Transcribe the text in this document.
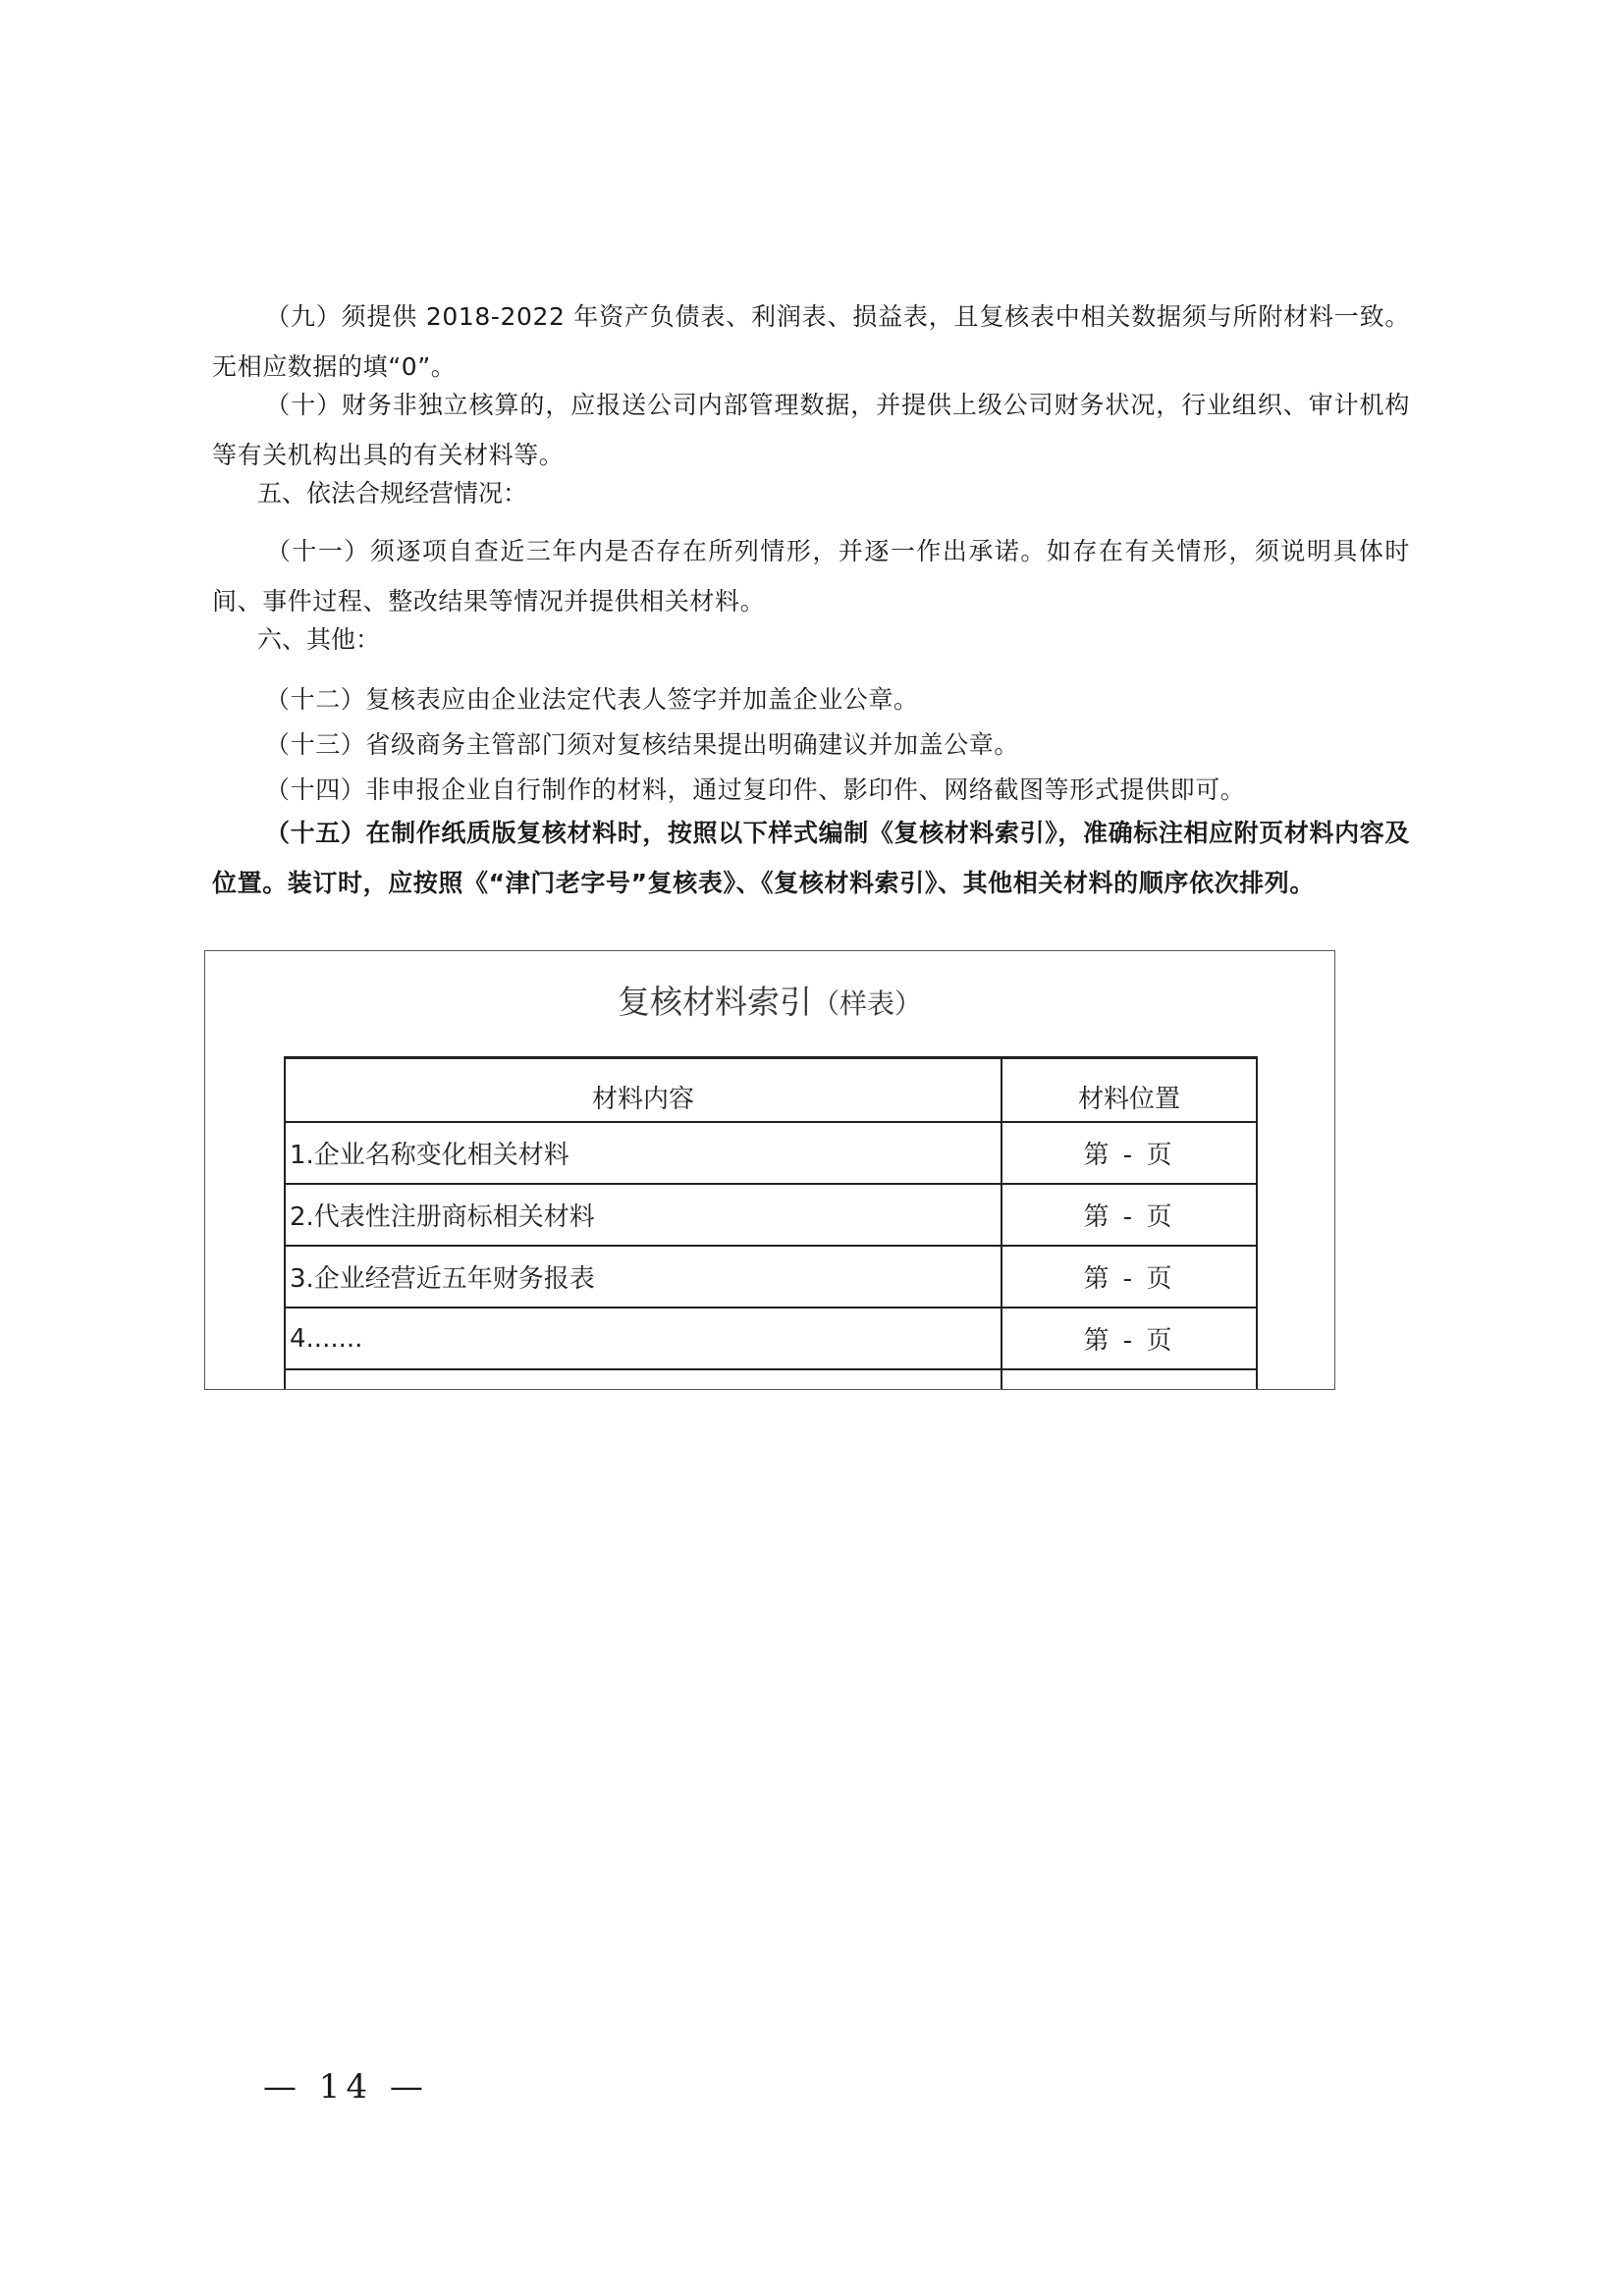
（九）须提供 2018-2022 年资产负债表、利润表、损益表，且复核表中相关数据须与所附材料一致。无相应数据的填“0”。
（十）财务非独立核算的，应报送公司内部管理数据，并提供上级公司财务状况，行业组织、审计机构等有关机构出具的有关材料等。
五、依法合规经营情况：
（十一）须逐项自查近三年内是否存在所列情形，并逐一作出承诺。如存在有关情形，须说明具体时间、事件过程、整改结果等情况并提供相关材料。
六、其他：
（十二）复核表应由企业法定代表人签字并加盖企业公章。
（十三）省级商务主管部门须对复核结果提出明确建议并加盖公章。
（十四）非申报企业自行制作的材料，通过复印件、影印件、网络截图等形式提供即可。
（十五）在制作纸质版复核材料时，按照以下样式编制《复核材料索引》，准确标注相应附页材料内容及位置。装订时，应按照《“津门老字号”复核表》、《复核材料索引》、其他相关材料的顺序依次排列。
复核材料索引（样表）
材料内容	材料位置
1.企业名称变化相关材料	第 - 页
2.代表性注册商标相关材料	第 - 页
3.企业经营近五年财务报表	第 - 页
4.......	第 - 页

— 14 —
